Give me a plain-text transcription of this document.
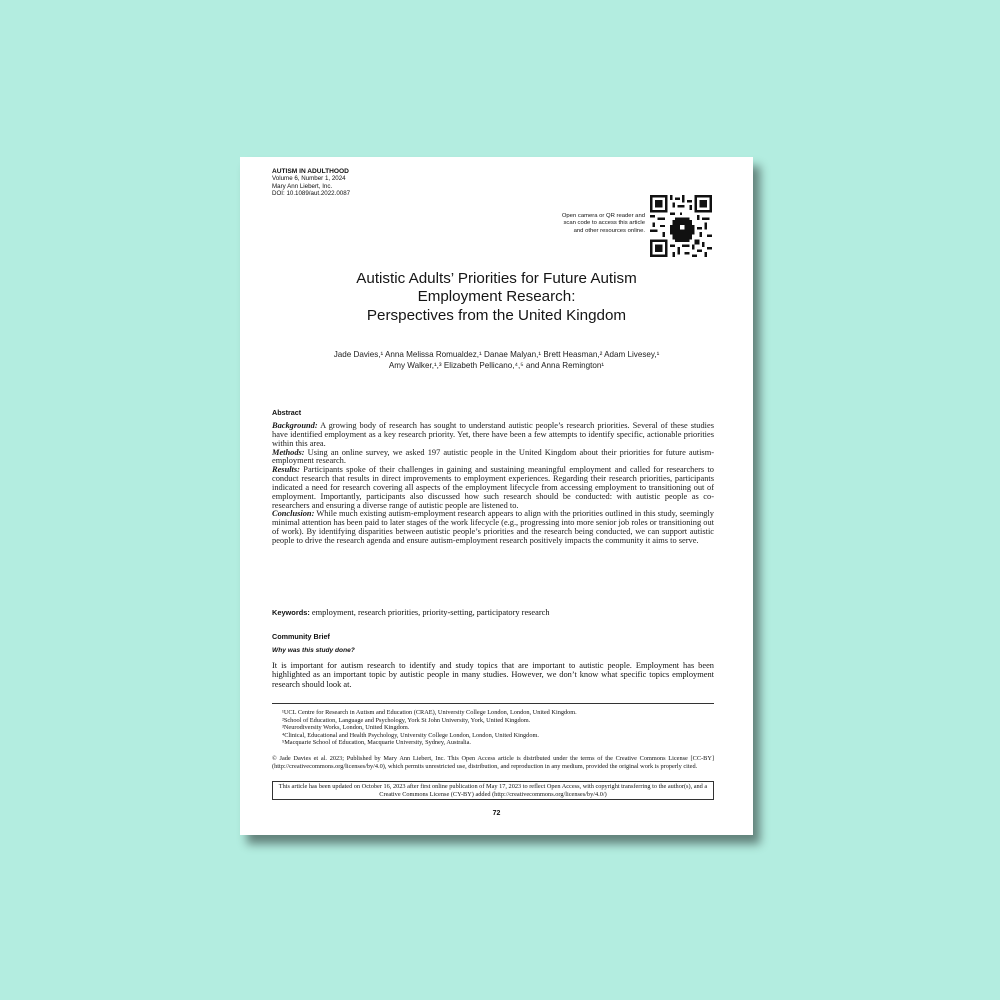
AUTISM IN ADULTHOOD
Volume 6, Number 1, 2024
Mary Ann Liebert, Inc.
DOI: 10.1089/aut.2022.0087
Open camera or QR reader and
scan code to access this article
and other resources online.
Autistic Adults’ Priorities for Future Autism
Employment Research:
Perspectives from the United Kingdom
Jade Davies,¹ Anna Melissa Romualdez,¹ Danae Malyan,¹ Brett Heasman,² Adam Livesey,¹
Amy Walker,¹,³ Elizabeth Pellicano,⁴,⁵ and Anna Remington¹
Abstract

Background: A growing body of research has sought to understand autistic people’s research priorities. Several of these studies have identified employment as a key research priority. Yet, there have been a few attempts to identify specific, actionable priorities within this area.

Methods: Using an online survey, we asked 197 autistic people in the United Kingdom about their priorities for future autism-employment research.

Results: Participants spoke of their challenges in gaining and sustaining meaningful employment and called for researchers to conduct research that results in direct improvements to employment experiences. Regarding their research priorities, participants indicated a need for research covering all aspects of the employment lifecycle from accessing employment to transitioning out of employment. Importantly, participants also discussed how such research should be conducted: with autistic people as co-researchers and ensuring a diverse range of autistic people are listened to.

Conclusion: While much existing autism-employment research appears to align with the priorities outlined in this study, seemingly minimal attention has been paid to later stages of the work lifecycle (e.g., progressing into more senior job roles or transitioning out of work). By identifying disparities between autistic people’s priorities and the research being conducted, we can support autistic people to drive the research agenda and ensure autism-employment research positively impacts the community it aims to serve.

Keywords: employment, research priorities, priority-setting, participatory research
Community Brief
Why was this study done?

It is important for autism research to identify and study topics that are important to autistic people. Employment has been highlighted as an important topic by autistic people in many studies. However, we don’t know what specific topics employment research should look at.

¹UCL Centre for Research in Autism and Education (CRAE), University College London, London, United Kingdom.
²School of Education, Language and Psychology, York St John University, York, United Kingdom.
³Neurodiversity Works, London, United Kingdom.
⁴Clinical, Educational and Health Psychology, University College London, London, United Kingdom.
⁵Macquarie School of Education, Macquarie University, Sydney, Australia.

© Jade Davies et al. 2023; Published by Mary Ann Liebert, Inc. This Open Access article is distributed under the terms of the Creative Commons License [CC-BY] (http://creativecommons.org/licenses/by/4.0), which permits unrestricted use, distribution, and reproduction in any medium, provided the original work is properly cited.

This article has been updated on October 16, 2023 after first online publication of May 17, 2023 to reflect Open Access, with copyright transferring to the author(s), and a Creative Commons License (CY-BY) added (http://creativecommons.org/licenses/by/4.0/)
72
